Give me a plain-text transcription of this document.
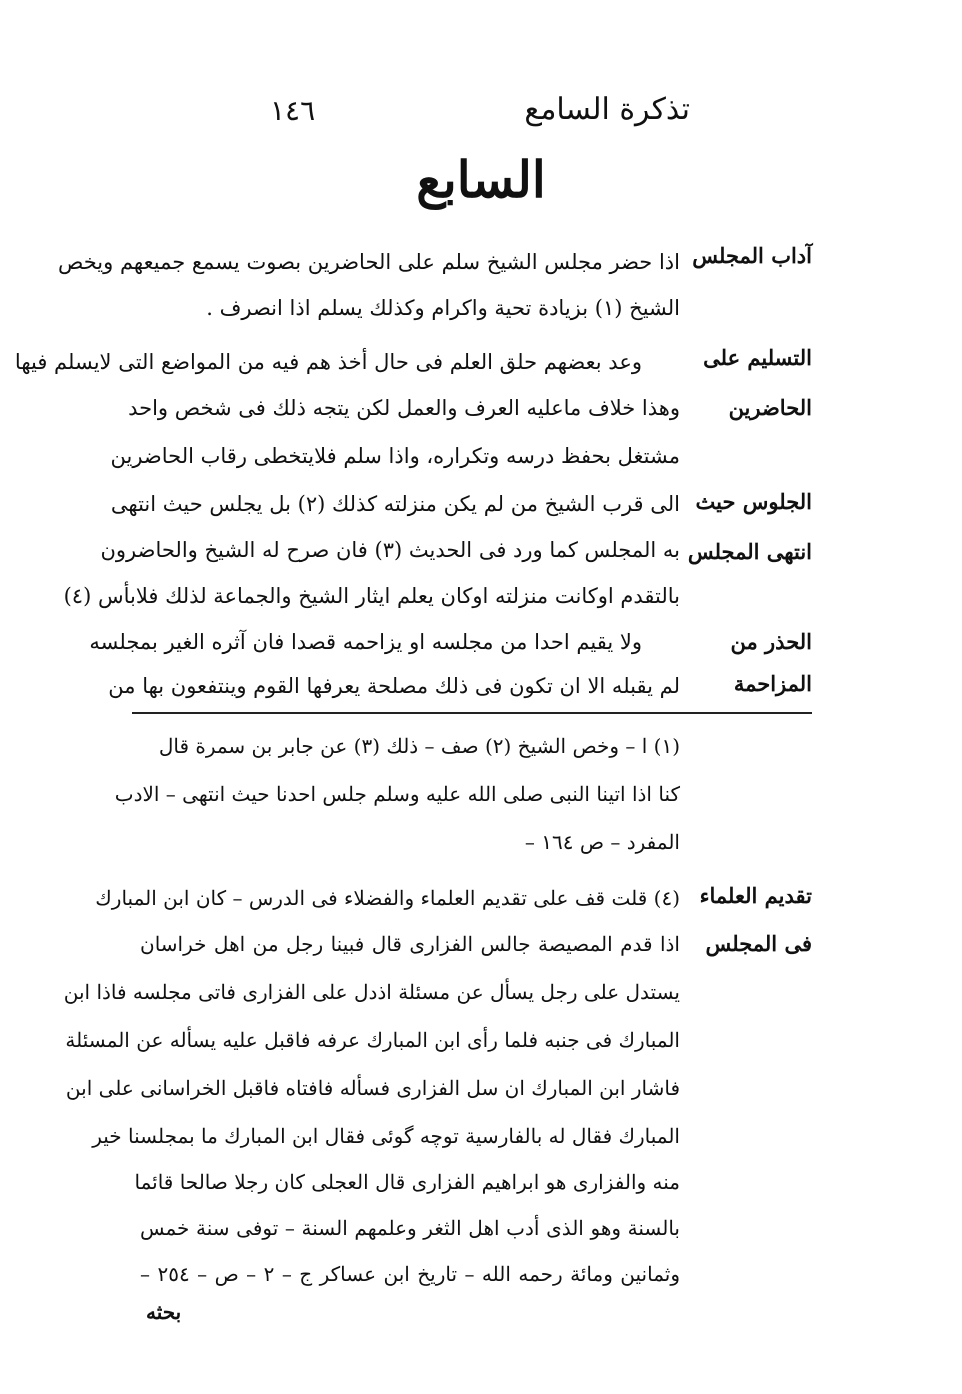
تذكرة السامع
١٤٦
السابع
آداب المجلس
التسليم على
الحاضرين
الجلوس حيث
انتهى المجلس
الحذر من
المزاحمة
تقديم العلماء
فى المجلس
اذا حضر مجلس الشيخ سلم على الحاضرين بصوت يسمع جميعهم ويخص
الشيخ (١) بزيادة تحية واكرام وكذلك يسلم اذا انصرف .
وعد بعضهم حلق العلم فى حال أخذ هم فيه من المواضع التى لايسلم فيها
وهذا خلاف ماعليه العرف والعمل لكن يتجه ذلك فى شخص واحد
مشتغل بحفظ درسه وتكراره، واذا سلم فلايتخطى رقاب الحاضرين
الى قرب الشيخ من لم يكن منزلته كذلك (٢) بل يجلس حيث انتهى
به المجلس كما ورد فى الحديث (٣) فان صرح له الشيخ والحاضرون
بالتقدم اوكانت منزلته اوكان يعلم ايثار الشيخ والجماعة لذلك فلابأس (٤)
ولا يقيم احدا من مجلسه او يزاحمه قصدا فان آثره الغير بمجلسه
لم يقبله الا ان تكون فى ذلك مصلحة يعرفها القوم وينتفعون بها من
(١) ا – وخص الشيخ (٢) صف – ذلك (٣) عن جابر بن سمرة قال
كنا اذا اتينا النبى صلى الله عليه وسلم جلس احدنا حيث انتهى – الادب
المفرد – ص ١٦٤ –
(٤) قلت قف على تقديم العلماء والفضلاء فى الدرس – كان ابن المبارك
اذا قدم المصيصة جالس الفزارى قال فبينا رجل من اهل خراسان
يستدل على رجل يسأل عن مسئلة اذدل على الفزارى فاتى مجلسه فاذا ابن
المبارك فى جنبه فلما رأى ابن المبارك عرفه فاقبل عليه يسأله عن المسئلة
فاشار ابن المبارك ان سل الفزارى فسأله فافتاه فاقبل الخراسانى على ابن
المبارك فقال له بالفارسية توچه گوئى فقال ابن المبارك ما بمجلسنا خير
منه والفزارى هو ابراهيم الفزارى قال العجلى كان رجلا صالحا قائما
بالسنة وهو الذى أدب اهل الثغر وعلمهم السنة – توفى سنة خمس
وثمانين ومائة رحمه الله – تاريخ ابن عساكر ج – ٢ – ص – ٢٥٤ –
بحثه
